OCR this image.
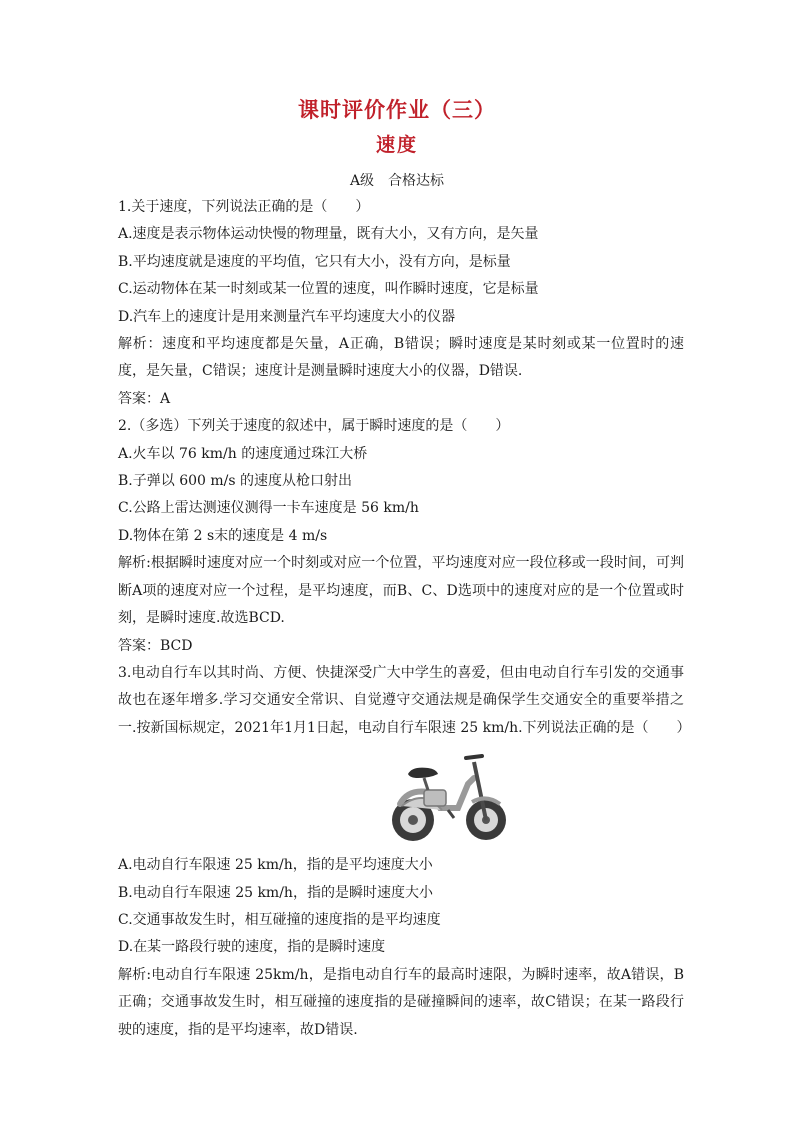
课时评价作业（三）
速度
A级　合格达标

1.关于速度，下列说法正确的是（　　）

A.速度是表示物体运动快慢的物理量，既有大小，又有方向，是矢量

B.平均速度就是速度的平均值，它只有大小，没有方向，是标量

C.运动物体在某一时刻或某一位置的速度，叫作瞬时速度，它是标量

D.汽车上的速度计是用来测量汽车平均速度大小的仪器

解析：速度和平均速度都是矢量，A正确，B错误；瞬时速度是某时刻或某一位置时的速度，是矢量，C错误；速度计是测量瞬时速度大小的仪器，D错误.

答案：A

2.（多选）下列关于速度的叙述中，属于瞬时速度的是（　　）

A.火车以 76 km/h 的速度通过珠江大桥

B.子弹以 600 m/s 的速度从枪口射出

C.公路上雷达测速仪测得一卡车速度是 56 km/h

D.物体在第 2 s末的速度是 4 m/s

解析:根据瞬时速度对应一个时刻或对应一个位置，平均速度对应一段位移或一段时间，可判断A项的速度对应一个过程，是平均速度，而B、C、D选项中的速度对应的是一个位置或时刻，是瞬时速度.故选BCD.

答案：BCD

3.电动自行车以其时尚、方便、快捷深受广大中学生的喜爱，但由电动自行车引发的交通事故也在逐年增多.学习交通安全常识、自觉遵守交通法规是确保学生交通安全的重要举措之一.按新国标规定，2021年1月1日起，电动自行车限速 25 km/h.下列说法正确的是（　　）

A.电动自行车限速 25 km/h，指的是平均速度大小

B.电动自行车限速 25 km/h，指的是瞬时速度大小

C.交通事故发生时，相互碰撞的速度指的是平均速度

D.在某一路段行驶的速度，指的是瞬时速度

解析:电动自行车限速 25km/h，是指电动自行车的最高时速限，为瞬时速率，故A错误，B正确；交通事故发生时，相互碰撞的速度指的是碰撞瞬间的速率，故C错误；在某一路段行驶的速度，指的是平均速率，故D错误.
